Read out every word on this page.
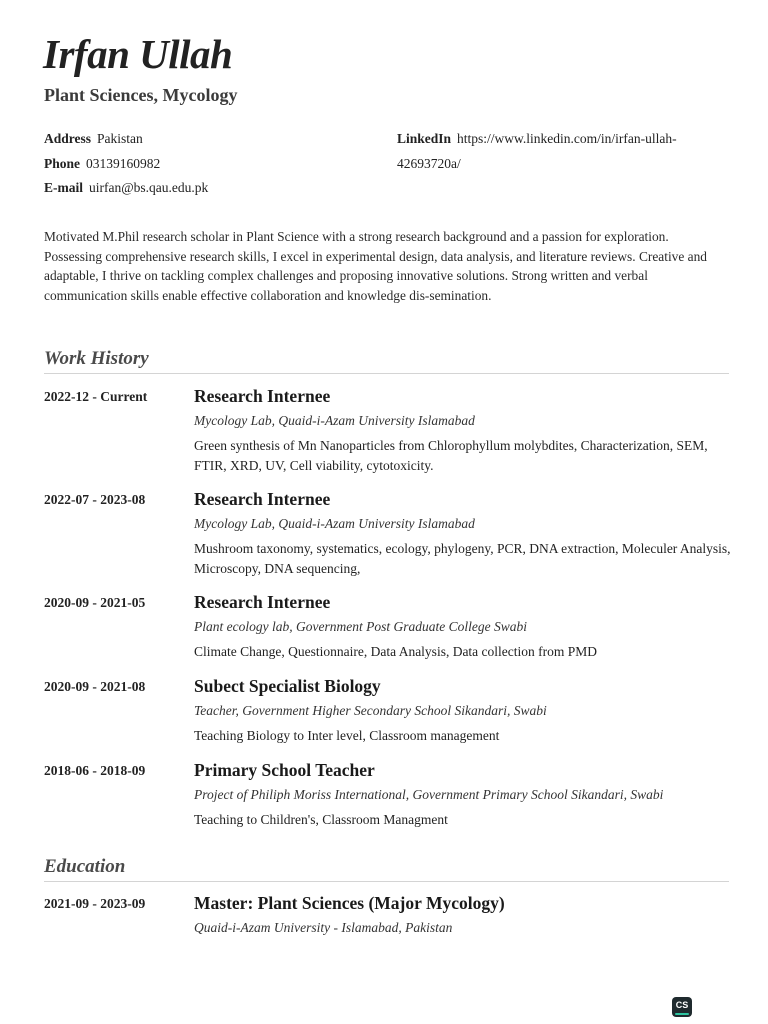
Irfan Ullah
Plant Sciences, Mycology
Address Pakistan
Phone 03139160982
E-mail uirfan@bs.qau.edu.pk
LinkedIn https://www.linkedin.com/in/irfan-ullah-
42693720a/
Motivated M.Phil research scholar in Plant Science with a strong research background and a passion for exploration. Possessing comprehensive research skills, I excel in experimental design, data analysis, and literature reviews. Creative and adaptable, I thrive on tackling complex challenges and proposing innovative solutions. Strong written and verbal communication skills enable effective collaboration and knowledge dis-semination.
Work History
2022-12 - Current	Research Internee
Mycology Lab, Quaid-i-Azam University Islamabad
Green synthesis of Mn Nanoparticles from Chlorophyllum molybdites, Characterization, SEM, FTIR, XRD, UV, Cell viability, cytotoxicity.
2022-07 - 2023-08	Research Internee
Mycology Lab, Quaid-i-Azam University Islamabad
Mushroom taxonomy, systematics, ecology, phylogeny, PCR, DNA extraction, Moleculer Analysis, Microscopy, DNA sequencing,
2020-09 - 2021-05	Research Internee
Plant ecology lab, Government Post Graduate College Swabi
Climate Change, Questionnaire, Data Analysis, Data collection from PMD
2020-09 - 2021-08	Subect Specialist Biology
Teacher, Government Higher Secondary School Sikandari, Swabi
Teaching Biology to Inter level, Classroom management
2018-06 - 2018-09	Primary School Teacher
Project of Philiph Moriss International, Government Primary School Sikandari, Swabi
Teaching to Children's, Classroom Managment
Education
2021-09 - 2023-09	Master: Plant Sciences (Major Mycology)
Quaid-i-Azam University - Islamabad, Pakistan
CS
